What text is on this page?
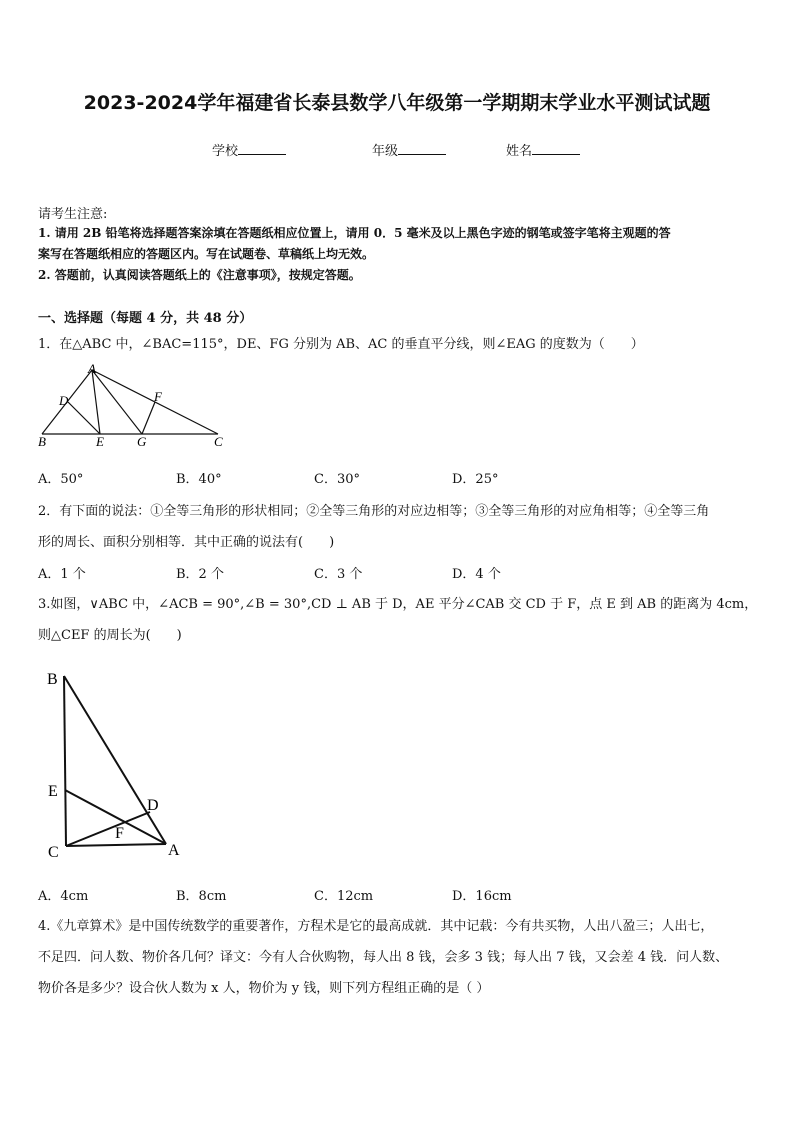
2023-2024学年福建省长泰县数学八年级第一学期期末学业水平测试试题
学校	年级	姓名
请考生注意:
1. 请用 2B 铅笔将选择题答案涂填在答题纸相应位置上，请用 0．5 毫米及以上黑色字迹的钢笔或签字笔将主观题的答
案写在答题纸相应的答题区内。写在试题卷、草稿纸上均无效。
2. 答题前，认真阅读答题纸上的《注意事项》，按规定答题。
一、选择题（每题 4 分，共 48 分）
1．在△ABC 中，∠BAC=115°，DE、FG 分别为 AB、AC 的垂直平分线，则∠EAG 的度数为（　　）
A
D	F
B	E	G	C
A．50°	B．40°	C．30°	D．25°
2．有下面的说法：①全等三角形的形状相同；②全等三角形的对应边相等；③全等三角形的对应角相等；④全等三角
形的周长、面积分别相等．其中正确的说法有(　　)
A．1 个	B．2 个	C．3 个	D．4 个
3.如图，∨ABC 中，∠ACB = 90°,∠B = 30°,CD ⊥ AB 于 D，AE 平分∠CAB 交 CD 于 F，点 E 到 AB 的距离为 4cm，
则△CEF 的周长为(　　)
B
E
D
F
C	A
A．4cm	B．8cm	C．12cm	D．16cm
4.《九章算术》是中国传统数学的重要著作，方程术是它的最高成就．其中记载：今有共买物，人出八盈三；人出七，
不足四．问人数、物价各几何？译文：今有人合伙购物，每人出 8 钱，会多 3 钱；每人出 7 钱，又会差 4 钱．问人数、
物价各是多少？设合伙人数为 x 人，物价为 y 钱，则下列方程组正确的是（ ）
